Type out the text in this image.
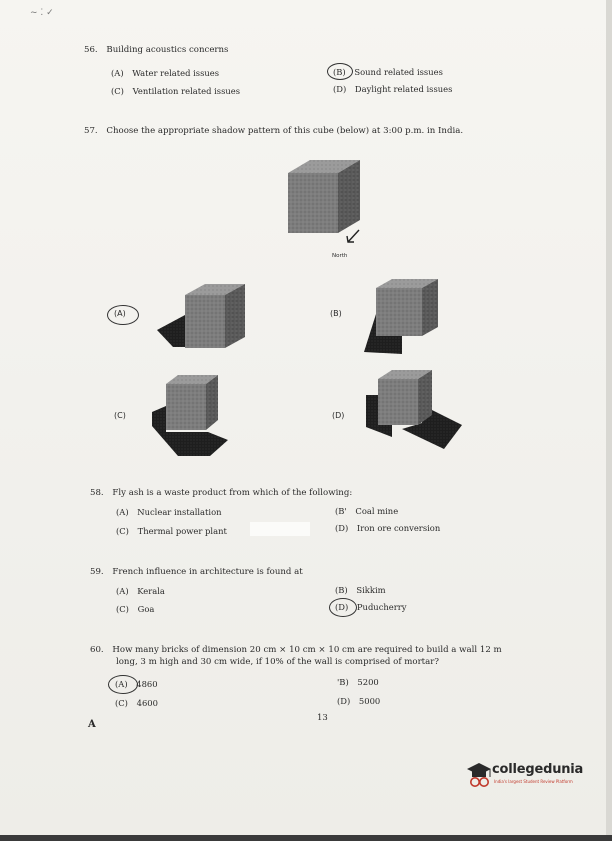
~ ⁚ ✓
56. Building acoustics concerns
(A) Water related issues	(B) Sound related issues
(C) Ventilation related issues	(D) Daylight related issues
57. Choose the appropriate shadow pattern of this cube (below) at 3:00 p.m. in India.
North
(A)	(B)
(C)	(D)
58. Fly ash is a waste product from which of the following:
(A) Nuclear installation	(B' Coal mine
(C) Thermal power plant	(D) Iron ore conversion
59. French influence in architecture is found at
(A) Kerala	(B) Sikkim
(C) Goa	(D) Puducherry
60. How many bricks of dimension 20 cm × 10 cm × 10 cm are required to build a wall 12 m
long, 3 m high and 30 cm wide, if 10% of the wall is comprised of mortar?
(A) 4860	'B) 5200
(C) 4600	(D) 5000
13
A
collegedunia
India's largest Student Review Platform
